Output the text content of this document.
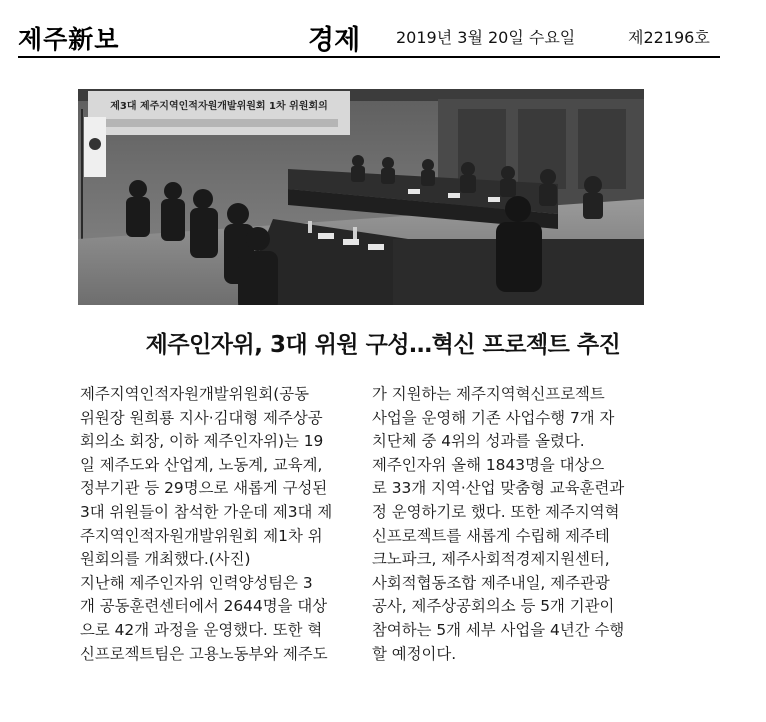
제주新보	경제 2019년 3월 20일 수요일	제22196호
제3대 제주지역인적자원개발위원회 1차 위원회의
제주인자위, 3대 위원 구성…혁신 프로젝트 추진
제주지역인적자원개발위원회(공동
위원장 원희룡 지사·김대형 제주상공
회의소 회장, 이하 제주인자위)는 19
일 제주도와 산업계, 노동계, 교육계,
정부기관 등 29명으로 새롭게 구성된
3대 위원들이 참석한 가운데 제3대 제
주지역인적자원개발위원회 제1차 위
원회의를 개최했다.(사진)
지난해 제주인자위 인력양성팀은 3
개 공동훈련센터에서 2644명을 대상
으로 42개 과정을 운영했다. 또한 혁
신프로젝트팀은 고용노동부와 제주도
가 지원하는 제주지역혁신프로젝트
사업을 운영해 기존 사업수행 7개 자
치단체 중 4위의 성과를 올렸다.
제주인자위 올해 1843명을 대상으
로 33개 지역·산업 맞춤형 교육훈련과
정 운영하기로 했다. 또한 제주지역혁
신프로젝트를 새롭게 수립해 제주테
크노파크, 제주사회적경제지원센터,
사회적협동조합 제주내일, 제주관광
공사, 제주상공회의소 등 5개 기관이
참여하는 5개 세부 사업을 4년간 수행
할 예정이다.
